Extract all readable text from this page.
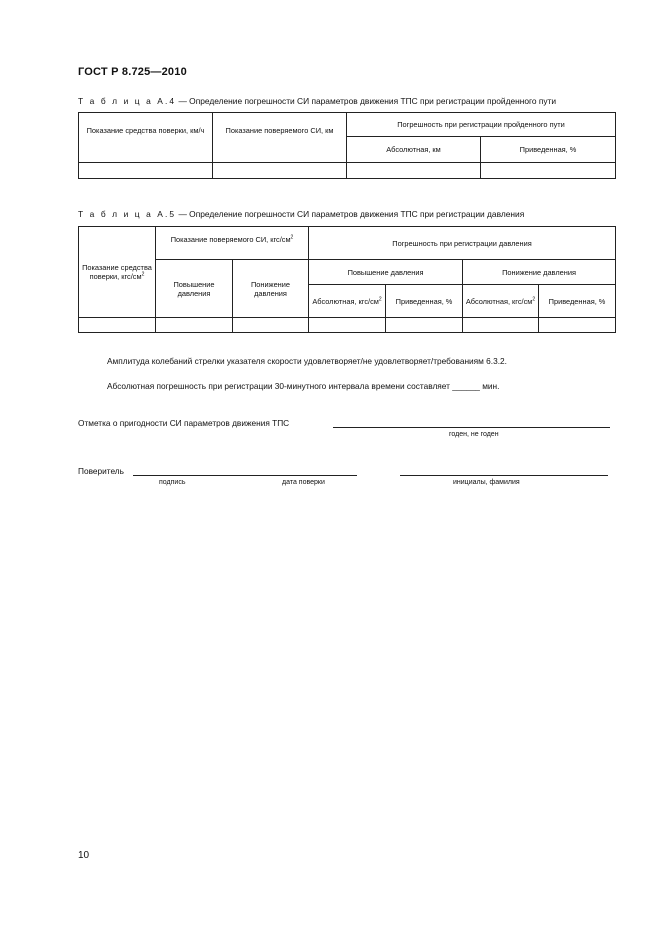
ГОСТ Р 8.725—2010
Т а б л и ц а А.4 — Определение погрешности СИ параметров движения ТПС при регистрации пройденного пути
Показание средства поверки, км/ч	Показание поверяемого СИ, км	Погрешность при регистрации пройденного пути	
		Абсолютная, км	Приведенная, %

Т а б л и ц а А.5 — Определение погрешности СИ параметров движения ТПС при регистрации давления
Показание средства поверки, кгс/$см^2$	Показание поверяемого СИ, кгс/$см^2$		Погрешность при регистрации давления			
	Повышение давления	Понижение давления	Повышение давления		Понижение давления	
			Абсолютная, кгс/$см^2$	Приведенная, %	Абсолютная, кгс/$см^2$	Приведенная, %

Амплитуда колебаний стрелки указателя скорости удовлетворяет/не удовлетворяет/требованиям 6.3.2.
Абсолютная погрешность при регистрации 30-минутного интервала времени составляет ______ мин.
Отметка о пригодности СИ параметров движения ТПС
годен, не годен
Поверитель
подпись	дата поверки	инициалы, фамилия
10
